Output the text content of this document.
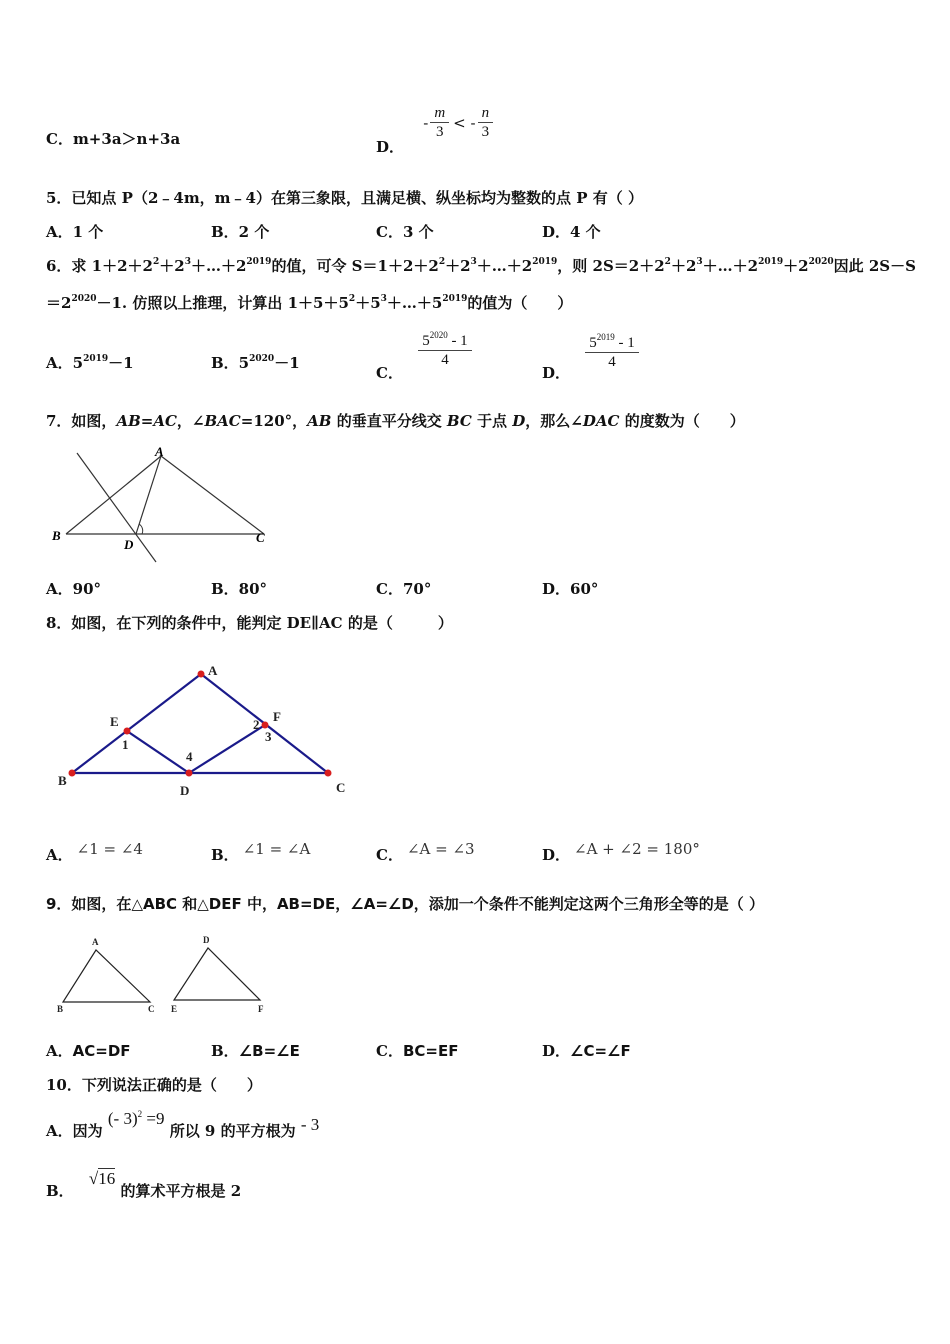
C．m+3a＞n+3a	D．
- $\frac{m}{3}$ < - $\frac{n}{3}$
5．已知点 P（2﹣4m，m﹣4）在第三象限，且满足横、纵坐标均为整数的点 P 有（ ）
A．1 个	B．2 个	C．3 个	D．4 个
6．求 $1+2+2^2+2^3+\dots+2^{2019}$的值，可令 $S=1+2+2^2+2^3+\dots+2^{2019}$，则 $2S=2+2^2+2^3+\dots+2^{2019}+2^{2020}$因此 2S－S
$=2^{2020}-1$. 仿照以上推理，计算出 $1+5+5^2+5^3+\dots+5^{2019}$的值为（　　）
A．$5^{2019}-1$	B．$5^{2020}-1$
C．
$\frac{5^{2020} - 1}{4}$
D．
$\frac{5^{2019} - 1}{4}$
7．如图，AB=AC，∠BAC=120°，AB 的垂直平分线交 BC 于点 D，那么∠DAC 的度数为（　　）
A
B	C
D
A．90°	B．80°	C．70°	D．60°
8．如图，在下列的条件中，能判定 DE∥AC 的是（　　　）
A
B	C
D
E	F
1
2
3
4
A． ∠1 = ∠4	B． ∠1 = ∠A	C． ∠A = ∠3	D． ∠A + ∠2 = 180°
9．如图，在△ABC 和△DEF 中，AB=DE，∠A=∠D，添加一个条件不能判定这两个三角形全等的是（ ）
A
B	C
D
E	F
A．AC=DF	B．∠B=∠E	C．BC=EF	D．∠C=∠F
10．下列说法正确的是（　　）
A．因为 (- 3)$^2$ =9 所以 9 的平方根为 - 3
B． √16 的算术平方根是 2
